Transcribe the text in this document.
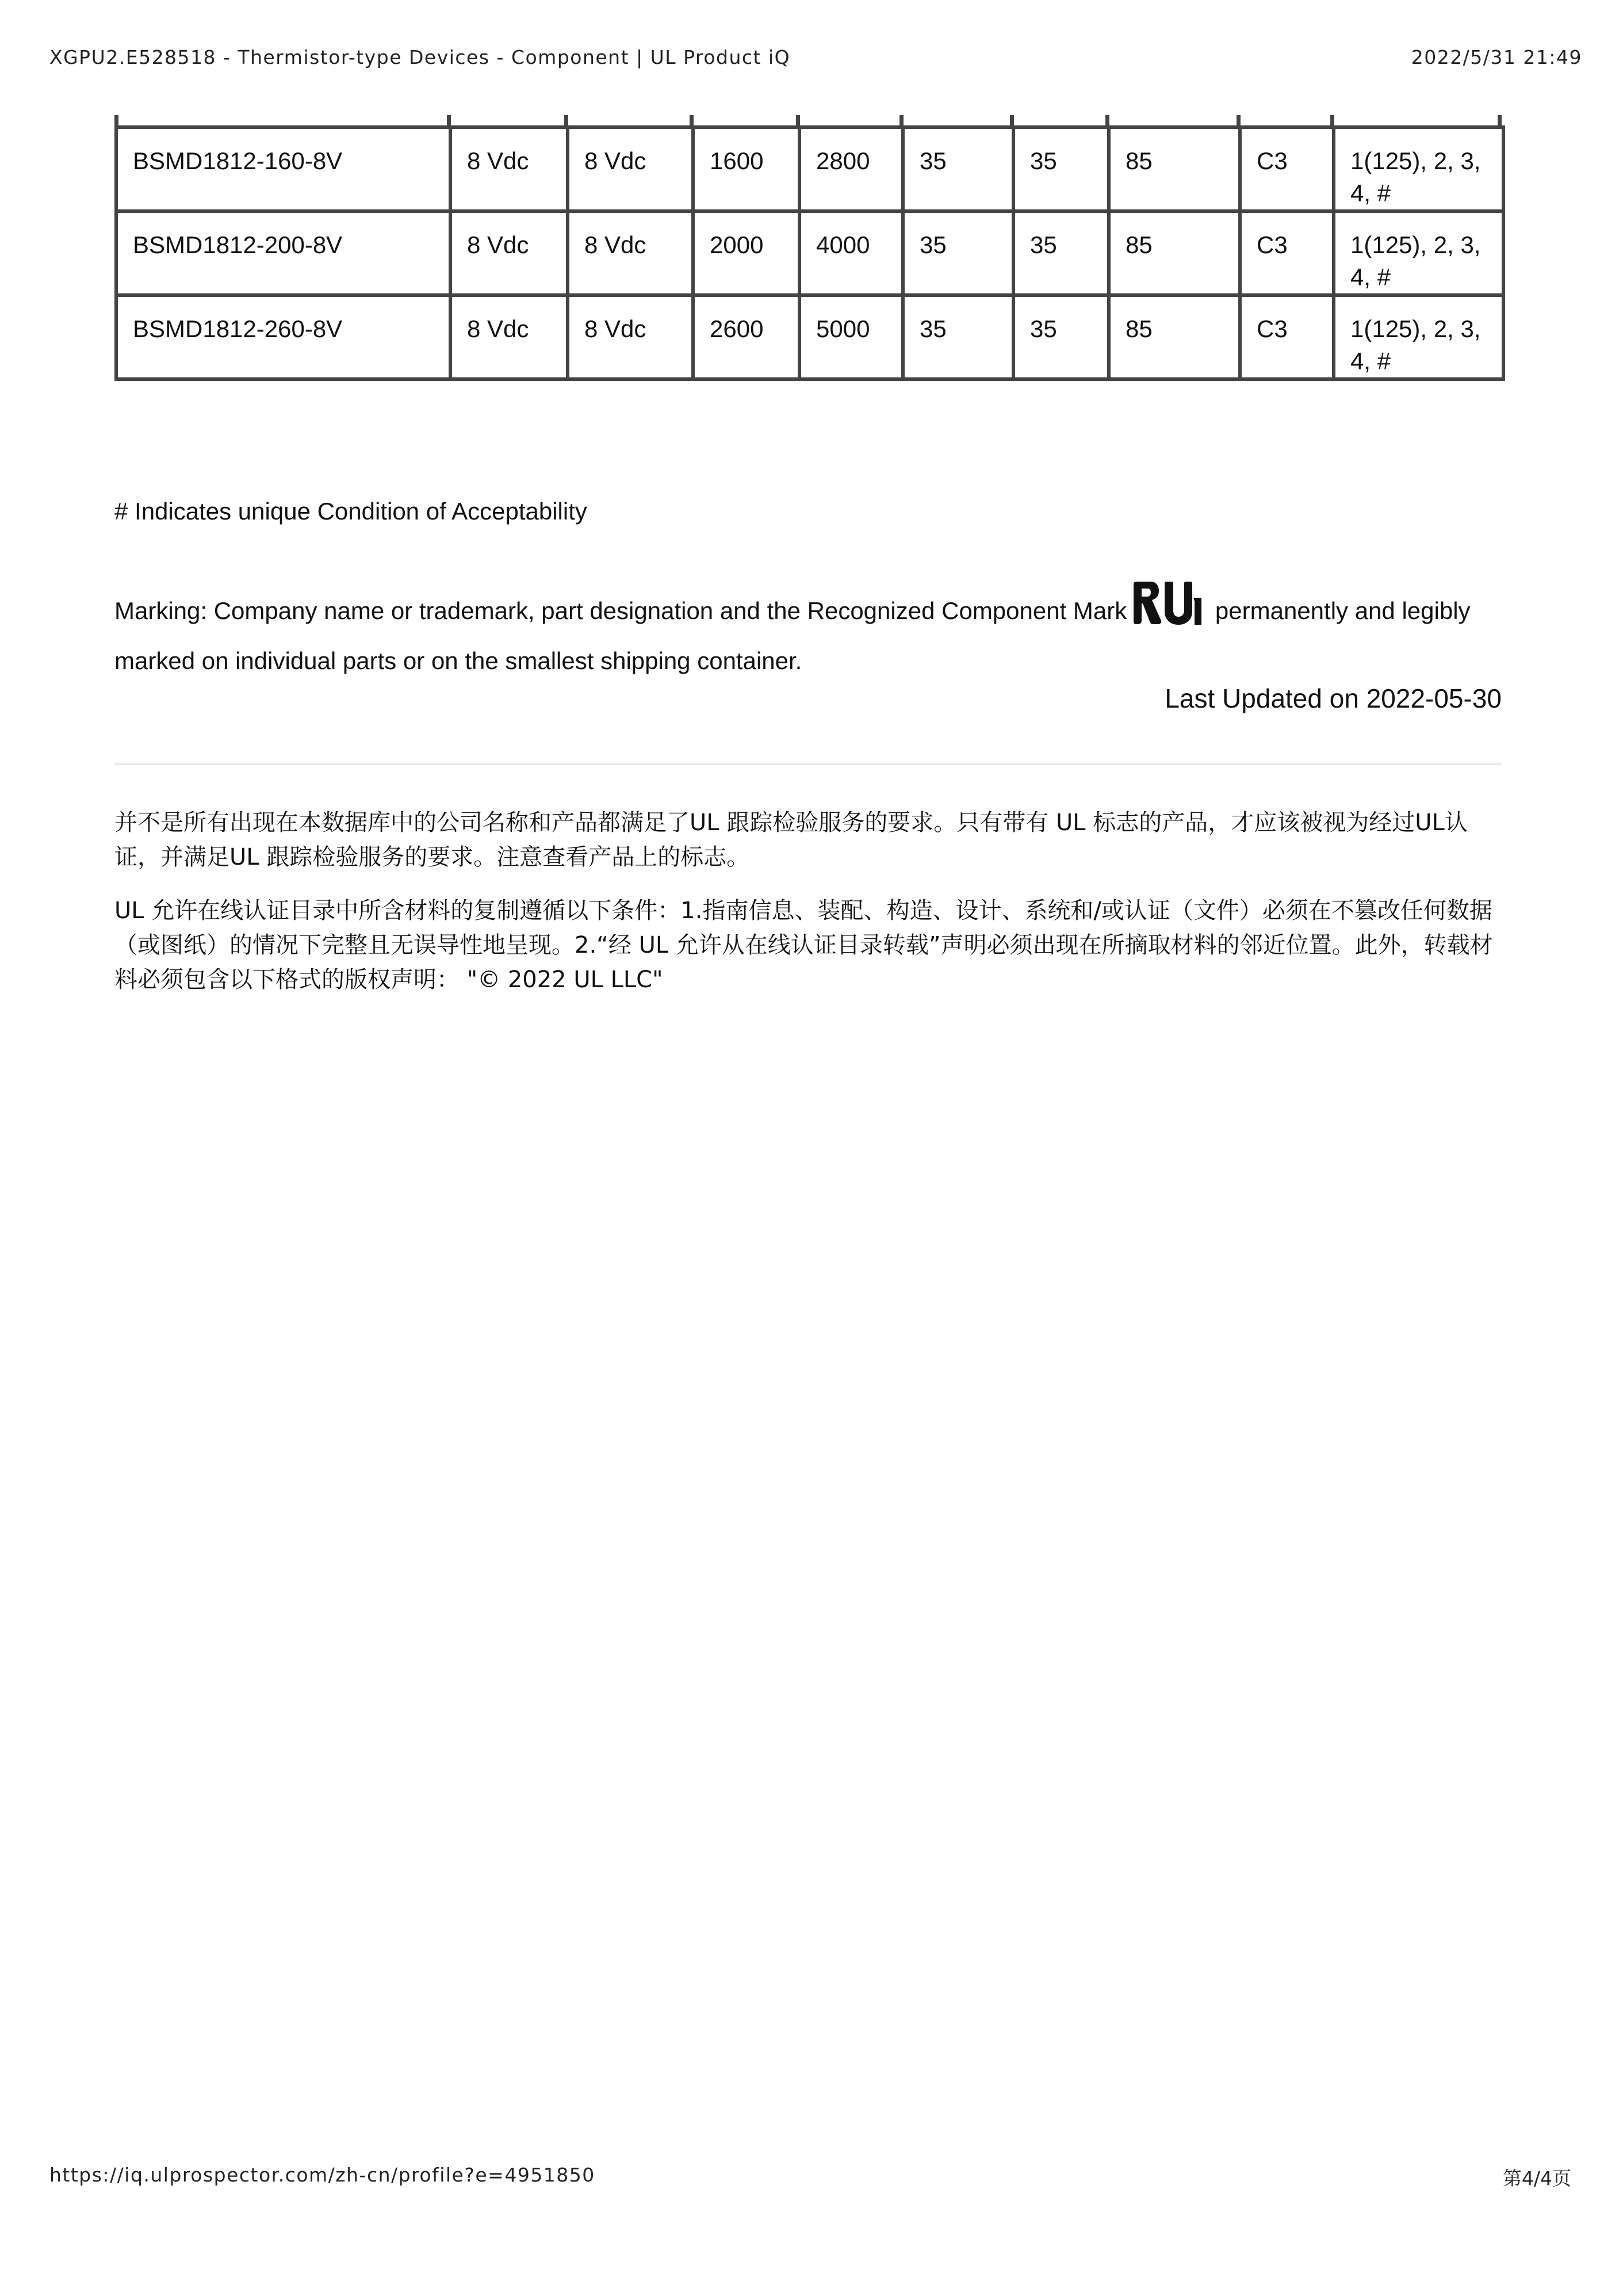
XGPU2.E528518 - Thermistor-type Devices - Component | UL Product iQ	2022/5/31 21:49
BSMD1812-160-8V	8 Vdc	8 Vdc	1600	2800	35	35	85	C3	1(125), 2, 3, 4, #
BSMD1812-200-8V	8 Vdc	8 Vdc	2000	4000	35	35	85	C3	1(125), 2, 3, 4, #
BSMD1812-260-8V	8 Vdc	8 Vdc	2600	5000	35	35	85	C3	1(125), 2, 3, 4, #
# Indicates unique Condition of Acceptability
Marking: Company name or trademark, part designation and the Recognized Component Mark	permanently and legibly marked on individual parts or on the smallest shipping container.
Last Updated on 2022-05-30
并不是所有出现在本数据库中的公司名称和产品都满足了UL 跟踪检验服务的要求。只有带有 UL 标志的产品，才应该被视为经过UL认证，并满足UL 跟踪检验服务的要求。注意查看产品上的标志。
UL 允许在线认证目录中所含材料的复制遵循以下条件：1.指南信息、装配、构造、设计、系统和/或认证（文件）必须在不篡改任何数据（或图纸）的情况下完整且无误导性地呈现。2.“经 UL 允许从在线认证目录转载”声明必须出现在所摘取材料的邻近位置。此外，转载材料必须包含以下格式的版权声明： "© 2022 UL LLC"
https://iq.ulprospector.com/zh-cn/profile?e=4951850	第4/4页
